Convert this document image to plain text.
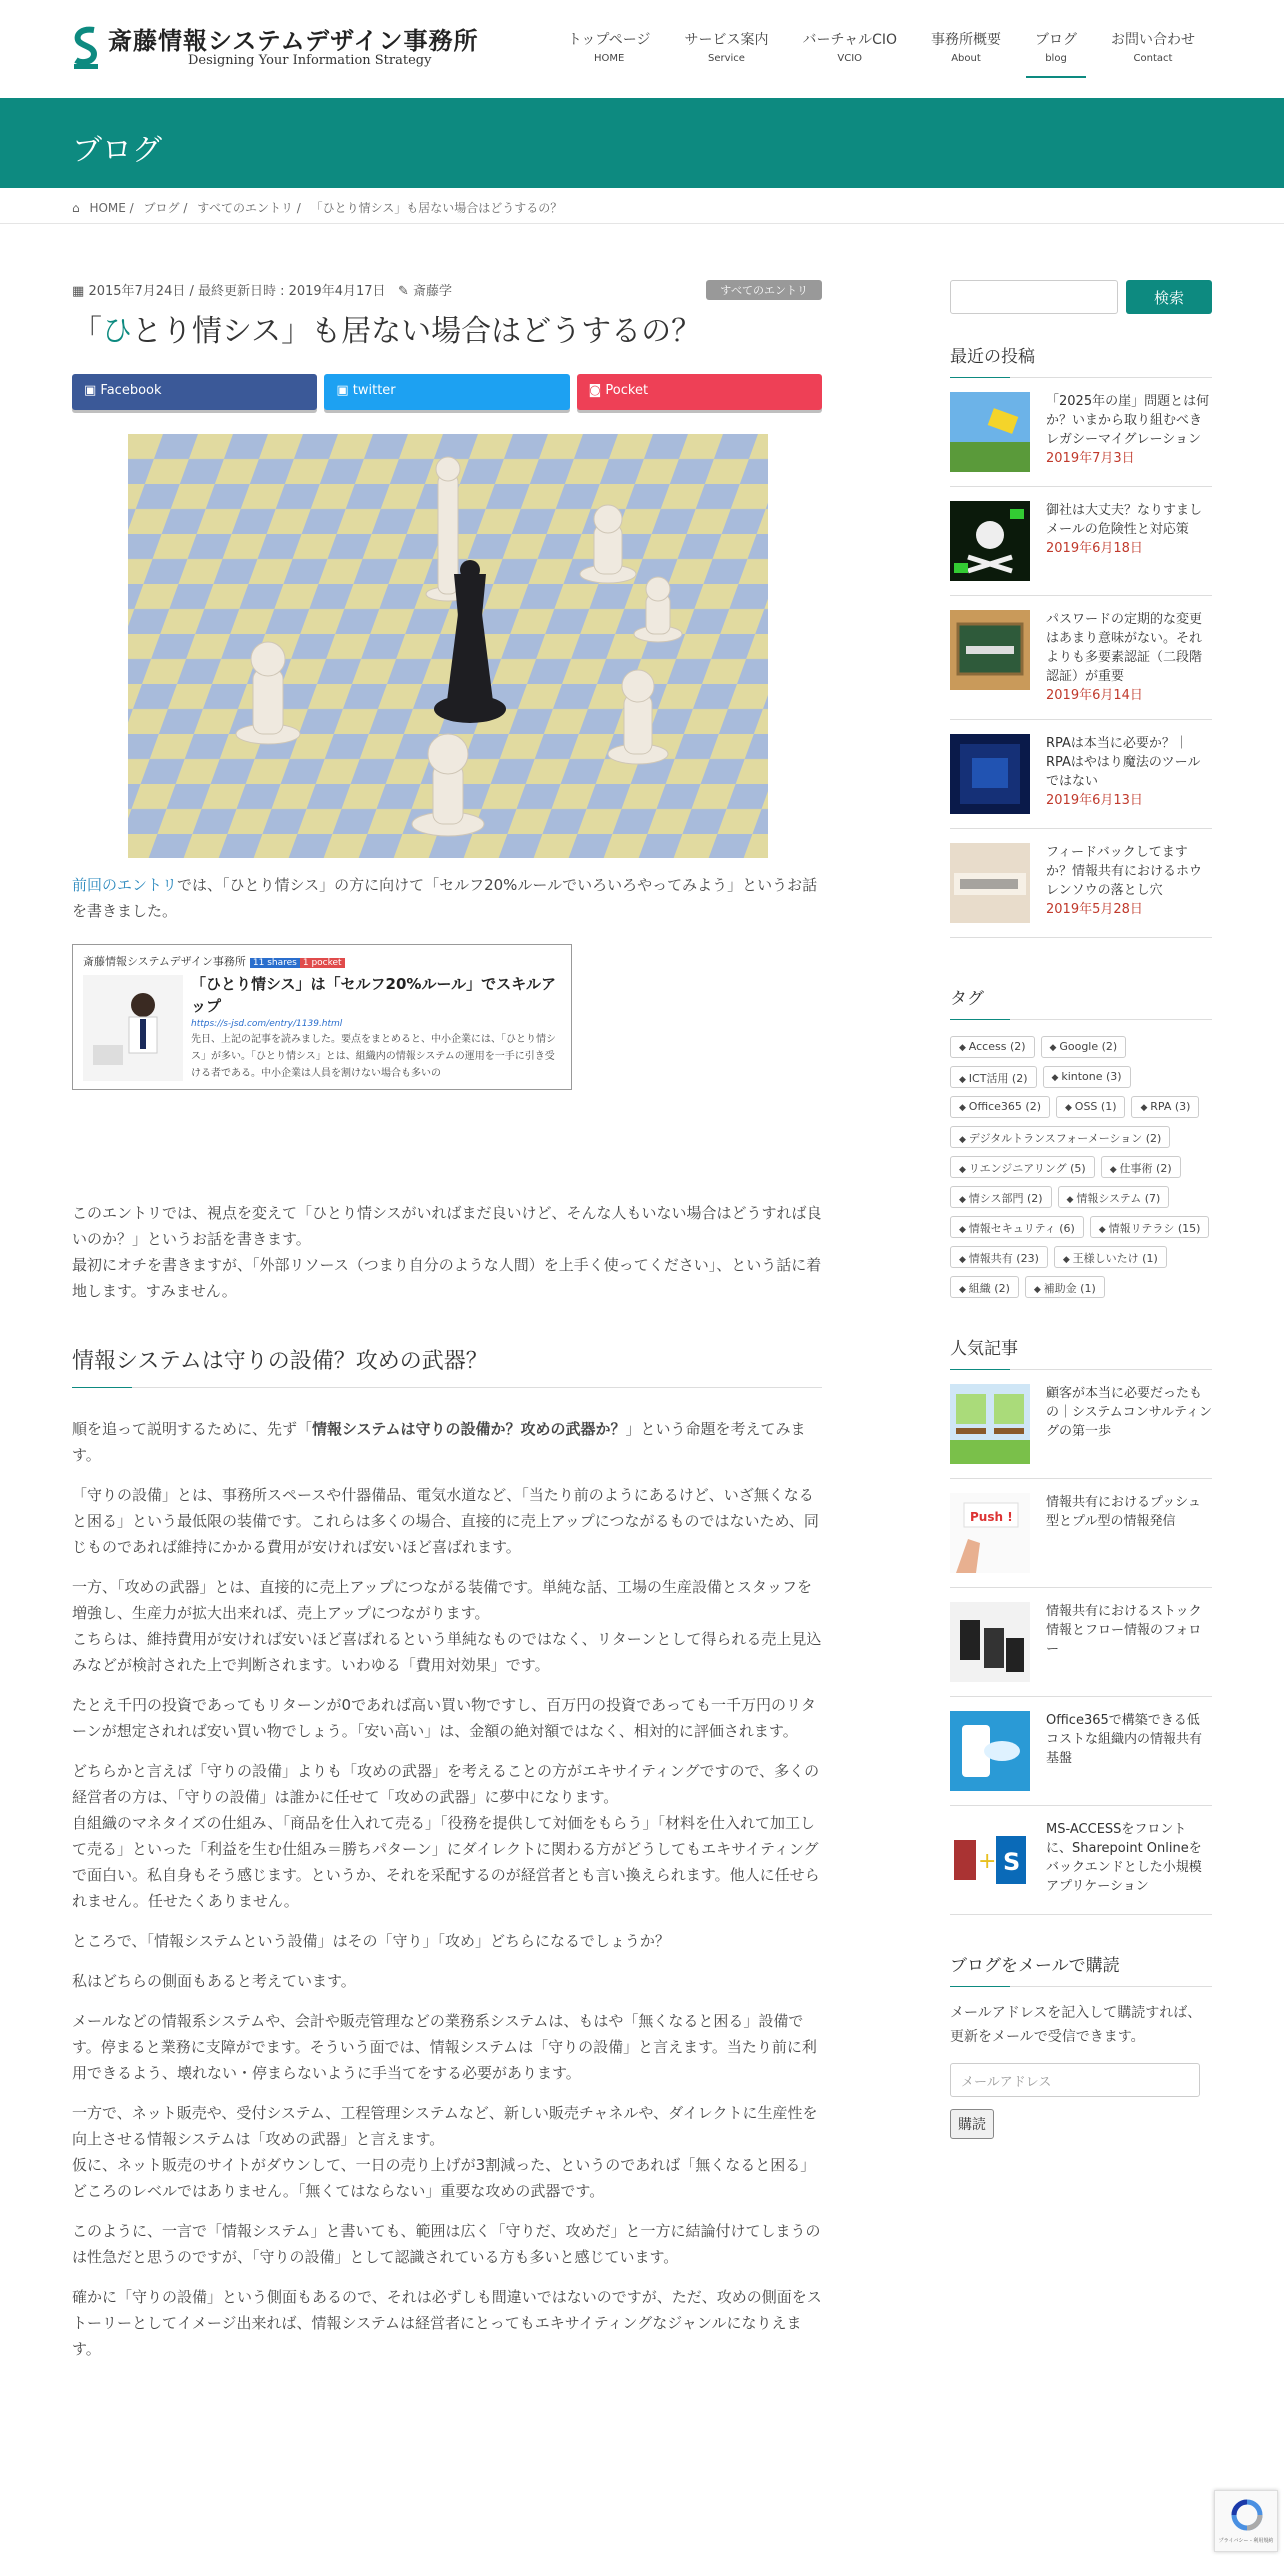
斎藤情報システムデザイン事務所
Designing Your Information Strategy
トップページ
HOME
サービス案内
Service
バーチャルCIO
VCIO
事務所概要
About
ブログ
blog
お問い合わせ
Contact
ブログ
⌂ HOME / ブログ / すべてのエントリ / 「ひとり情シス」も居ない場合はどうするの？
▦ 2015年7月24日 / 最終更新日時 : 2019年4月17日 ✎ 斎藤学	すべてのエントリ
「ひとり情シス」も居ない場合はどうするの？
▣ Facebook	▣ twitter	◙ Pocket

前回のエントリでは、「ひとり情シス」の方に向けて「セルフ20%ルールでいろいろやってみよう」というお話を書きました。

斎藤情報システムデザイン事務所 11 shares 1 pocket
「ひとり情シス」は「セルフ20%ルール」でスキルアップ
https://s-jsd.com/entry/1139.html
先日、上記の記事を読みました。要点をまとめると、中小企業には、「ひとり情シス」が多い。「ひとり情シス」とは、組織内の情報システムの運用を一手に引き受ける者である。中小企業は人員を割けない場合も多いの

このエントリでは、視点を変えて「ひとり情シスがいればまだ良いけど、そんな人もいない場合はどうすれば良いのか？」というお話を書きます。

最初にオチを書きますが、「外部リソース（つまり自分のような人間）を上手く使ってください」、という話に着地します。すみません。

情報システムは守りの設備？攻めの武器？

順を追って説明するために、先ず「情報システムは守りの設備か？攻めの武器か？」という命題を考えてみます。

「守りの設備」とは、事務所スペースや什器備品、電気水道など、「当たり前のようにあるけど、いざ無くなると困る」という最低限の装備です。これらは多くの場合、直接的に売上アップにつながるものではないため、同じものであれば維持にかかる費用が安ければ安いほど喜ばれます。

一方、「攻めの武器」とは、直接的に売上アップにつながる装備です。単純な話、工場の生産設備とスタッフを増強し、生産力が拡大出来れば、売上アップにつながります。

こちらは、維持費用が安ければ安いほど喜ばれるという単純なものではなく、リターンとして得られる売上見込みなどが検討された上で判断されます。いわゆる「費用対効果」です。

たとえ千円の投資であってもリターンが0であれば高い買い物ですし、百万円の投資であっても一千万円のリターンが想定されれば安い買い物でしょう。「安い高い」は、金額の絶対額ではなく、相対的に評価されます。

どちらかと言えば「守りの設備」よりも「攻めの武器」を考えることの方がエキサイティングですので、多くの経営者の方は、「守りの設備」は誰かに任せて「攻めの武器」に夢中になります。

自組織のマネタイズの仕組み、「商品を仕入れて売る」「役務を提供して対価をもらう」「材料を仕入れて加工して売る」といった「利益を生む仕組み＝勝ちパターン」にダイレクトに関わる方がどうしてもエキサイティングで面白い。私自身もそう感じます。というか、それを采配するのが経営者とも言い換えられます。他人に任せられません。任せたくありません。

ところで、「情報システムという設備」はその「守り」「攻め」どちらになるでしょうか？

私はどちらの側面もあると考えています。

メールなどの情報系システムや、会計や販売管理などの業務系システムは、もはや「無くなると困る」設備です。停まると業務に支障がでます。そういう面では、情報システムは「守りの設備」と言えます。当たり前に利用できるよう、壊れない・停まらないように手当てをする必要があります。

一方で、ネット販売や、受付システム、工程管理システムなど、新しい販売チャネルや、ダイレクトに生産性を向上させる情報システムは「攻めの武器」と言えます。

仮に、ネット販売のサイトがダウンして、一日の売り上げが3割減った、というのであれば「無くなると困る」どころのレベルではありません。「無くてはならない」重要な攻めの武器です。

このように、一言で「情報システム」と書いても、範囲は広く「守りだ、攻めだ」と一方に結論付けてしまうのは性急だと思うのですが、「守りの設備」として認識されている方も多いと感じています。

確かに「守りの設備」という側面もあるので、それは必ずしも間違いではないのですが、ただ、攻めの側面をストーリーとしてイメージ出来れば、情報システムは経営者にとってもエキサイティングなジャンルになりえます。

検索
最近の投稿
「2025年の崖」問題とは何か？いまから取り組むべきレガシーマイグレーション
2019年7月3日
御社は大丈夫？なりすましメールの危険性と対応策
2019年6月18日
パスワードの定期的な変更はあまり意味がない。それよりも多要素認証（二段階認証）が重要
2019年6月14日
RPAは本当に必要か？｜RPAはやはり魔法のツールではない
2019年6月13日
フィードバックしてますか？情報共有におけるホウレンソウの落とし穴
2019年5月28日
タグ
◆ Access (2)	◆ Google (2)
◆ ICT活用 (2)	◆ kintone (3)
◆ Office365 (2)	◆ OSS (1)	◆ RPA (3)
◆ デジタルトランスフォーメーション (2)
◆ リエンジニアリング (5)	◆ 仕事術 (2)
◆ 情シス部門 (2)	◆ 情報システム (7)
◆ 情報セキュリティ (6)	◆ 情報リテラシ (15)
◆ 情報共有 (23)	◆ 王様しいたけ (1)
◆ 組織 (2)	◆ 補助金 (1)
人気記事
顧客が本当に必要だったもの｜システムコンサルティングの第一歩
Push !
情報共有におけるプッシュ型とプル型の情報発信
情報共有におけるストック情報とフロー情報のフォロー
Office365で構築できる低コストな組織内の情報共有基盤
+ S
MS-ACCESSをフロントに、Sharepoint Onlineをバックエンドとした小規模アプリケーション
ブログをメールで購読
メールアドレスを記入して購読すれば、更新をメールで受信できます。
メールアドレス
購読
プライバシー - 利用規約
